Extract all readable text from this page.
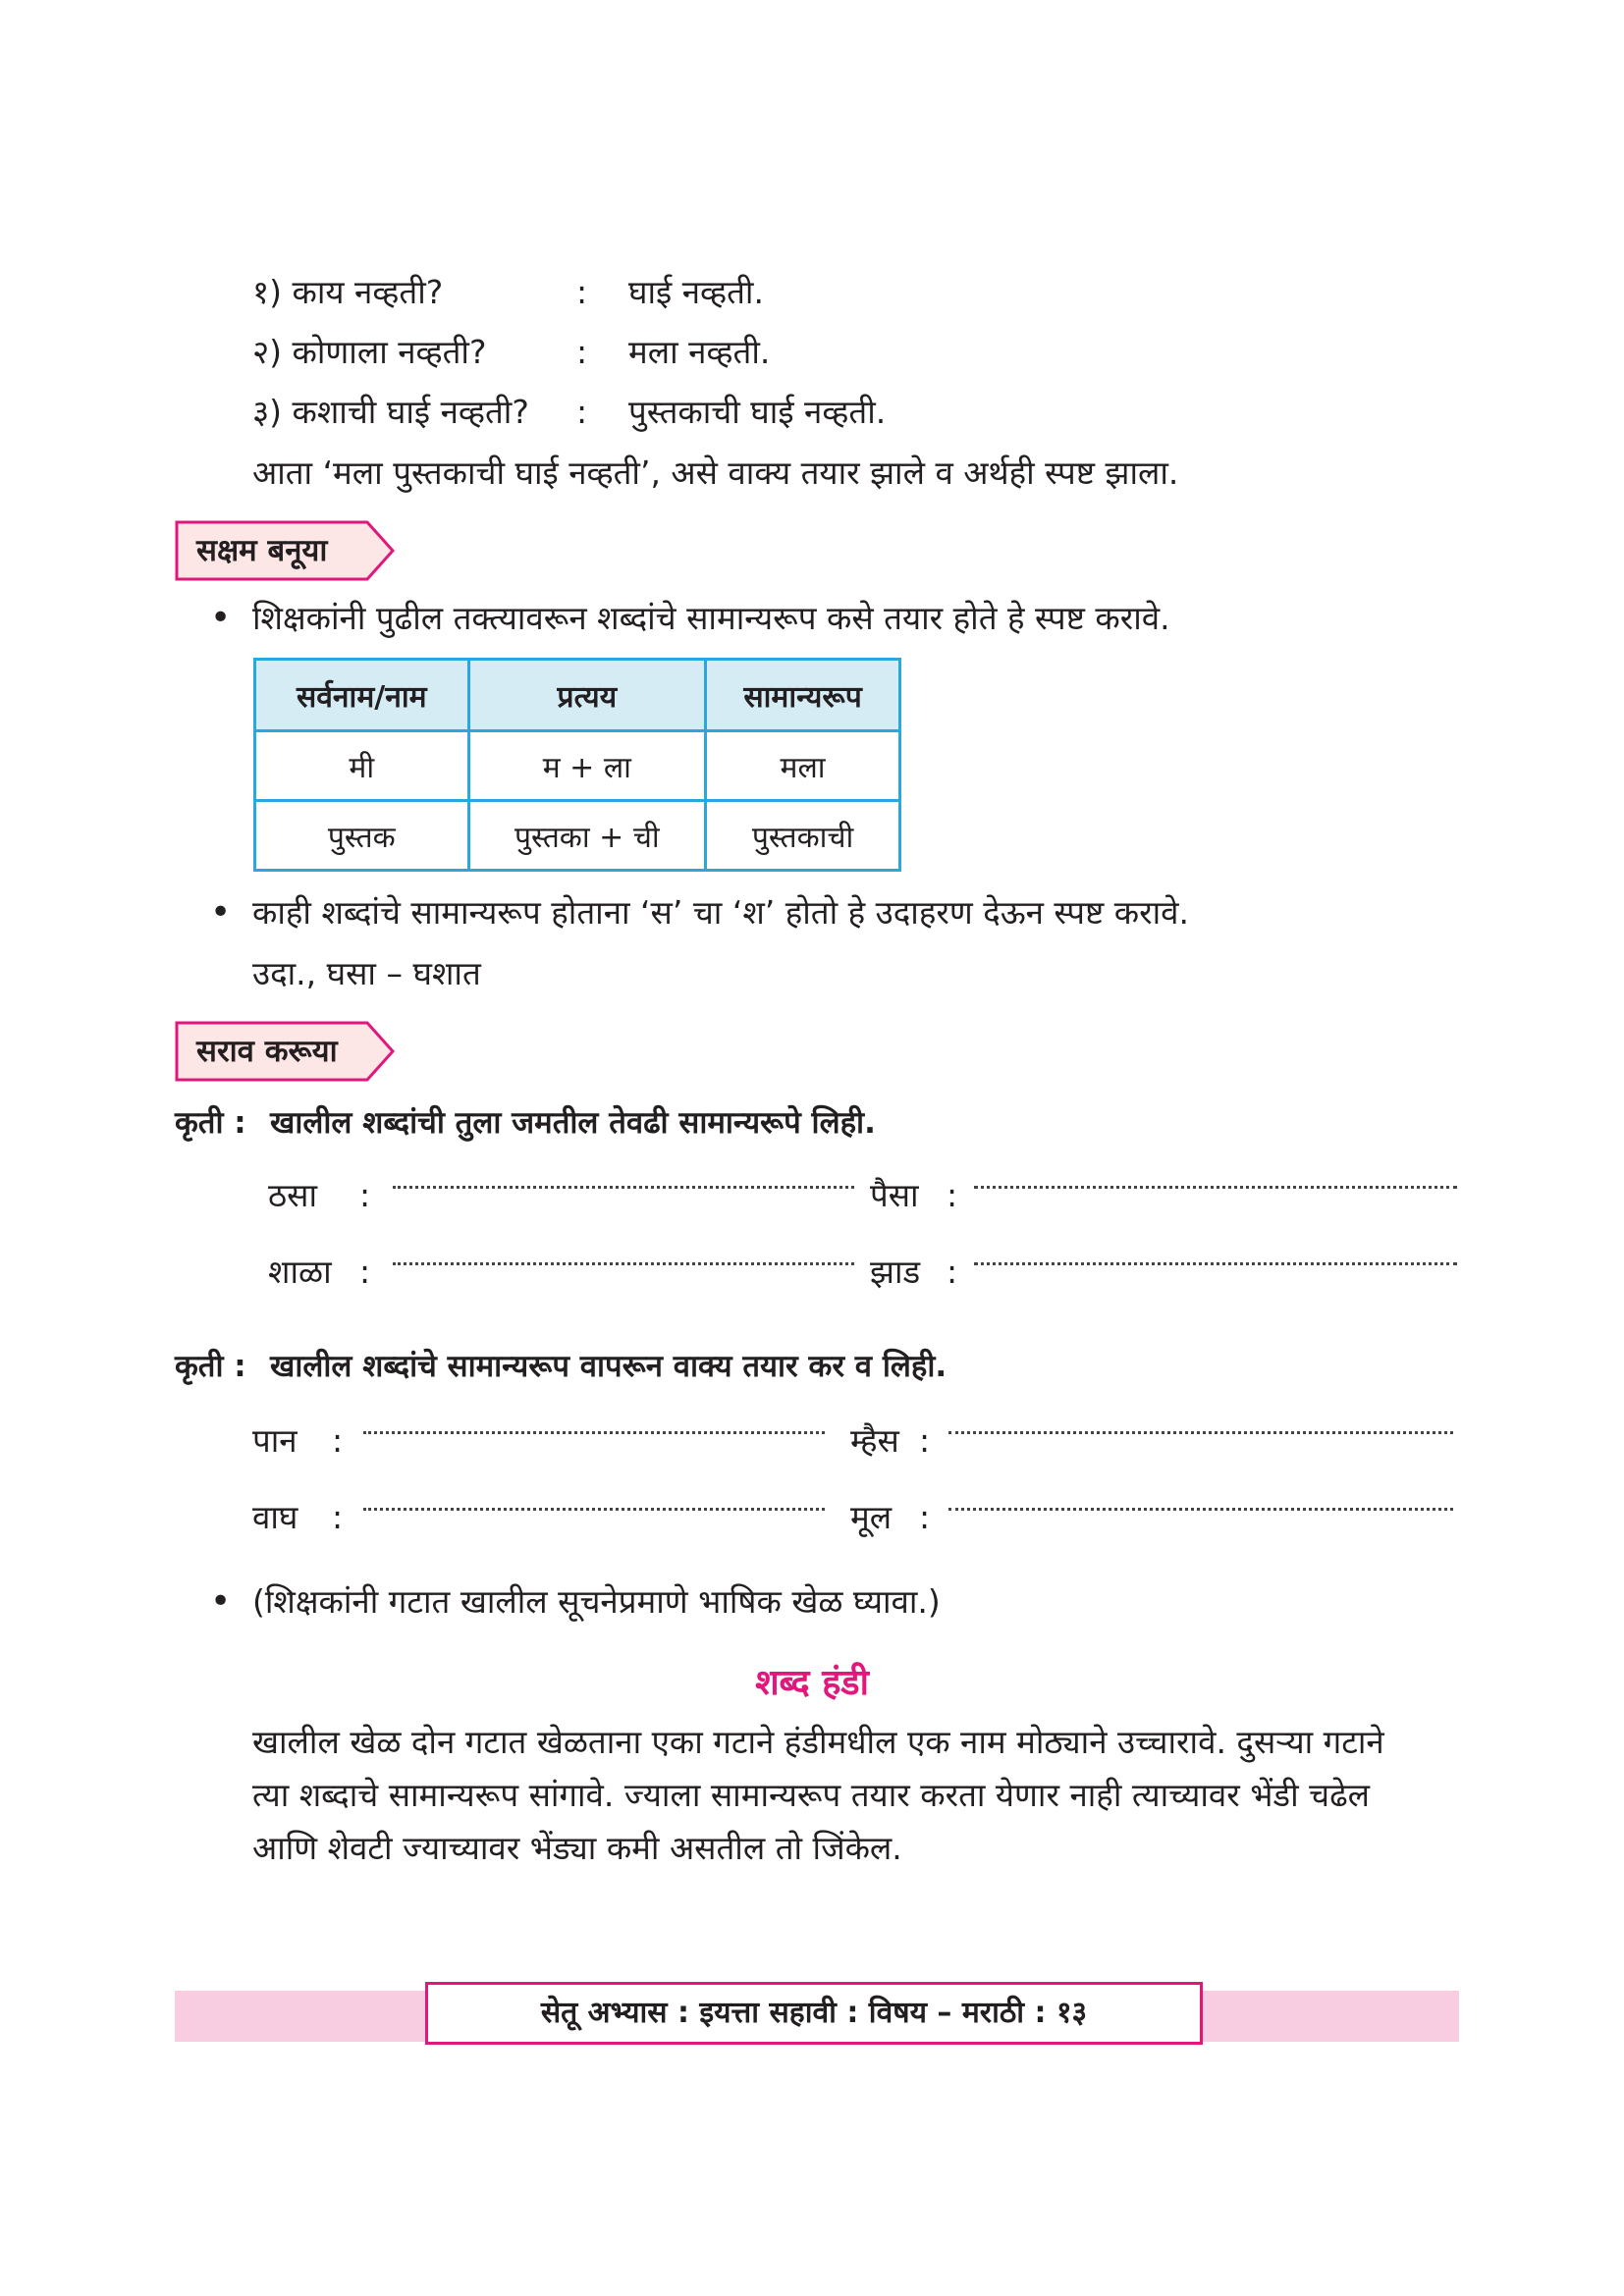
१) काय नव्हती?	: घाई नव्हती.
२) कोणाला नव्हती?	: मला नव्हती.
३) कशाची घाई नव्हती? : पुस्तकाची घाई नव्हती.
आता ‘मला पुस्तकाची घाई नव्हती’, असे वाक्य तयार झाले व अर्थही स्पष्ट झाला.
सक्षम बनूया
• शिक्षकांनी पुढील तक्त्यावरून शब्दांचे सामान्यरूप कसे तयार होते हे स्पष्ट करावे.
सर्वनाम/नाम	प्रत्यय	सामान्यरूप
मी	म + ला	मला
पुस्तक	पुस्तका + ची	पुस्तकाची
• काही शब्दांचे सामान्यरूप होताना ‘स’ चा ‘श’ होतो हे उदाहरण देऊन स्पष्ट करावे.
उदा., घसा – घशात
सराव करूया
कृती : खालील शब्दांची तुला जमतील तेवढी सामान्यरूपे लिही.
ठसा :	पैसा :
शाळा :	झाड :
कृती : खालील शब्दांचे सामान्यरूप वापरून वाक्य तयार कर व लिही.
पान :	म्हैस :
वाघ :	मूल :
• (शिक्षकांनी गटात खालील सूचनेप्रमाणे भाषिक खेळ घ्यावा.)
शब्द हंडी
खालील खेळ दोन गटात खेळताना एका गटाने हंडीमधील एक नाम मोठ्याने उच्चारावे. दुसऱ्या गटाने
त्या शब्दाचे सामान्यरूप सांगावे. ज्याला सामान्यरूप तयार करता येणार नाही त्याच्यावर भेंडी चढेल
आणि शेवटी ज्याच्यावर भेंड्या कमी असतील तो जिंकेल.
सेतू अभ्यास : इयत्ता सहावी : विषय – मराठी : १३
